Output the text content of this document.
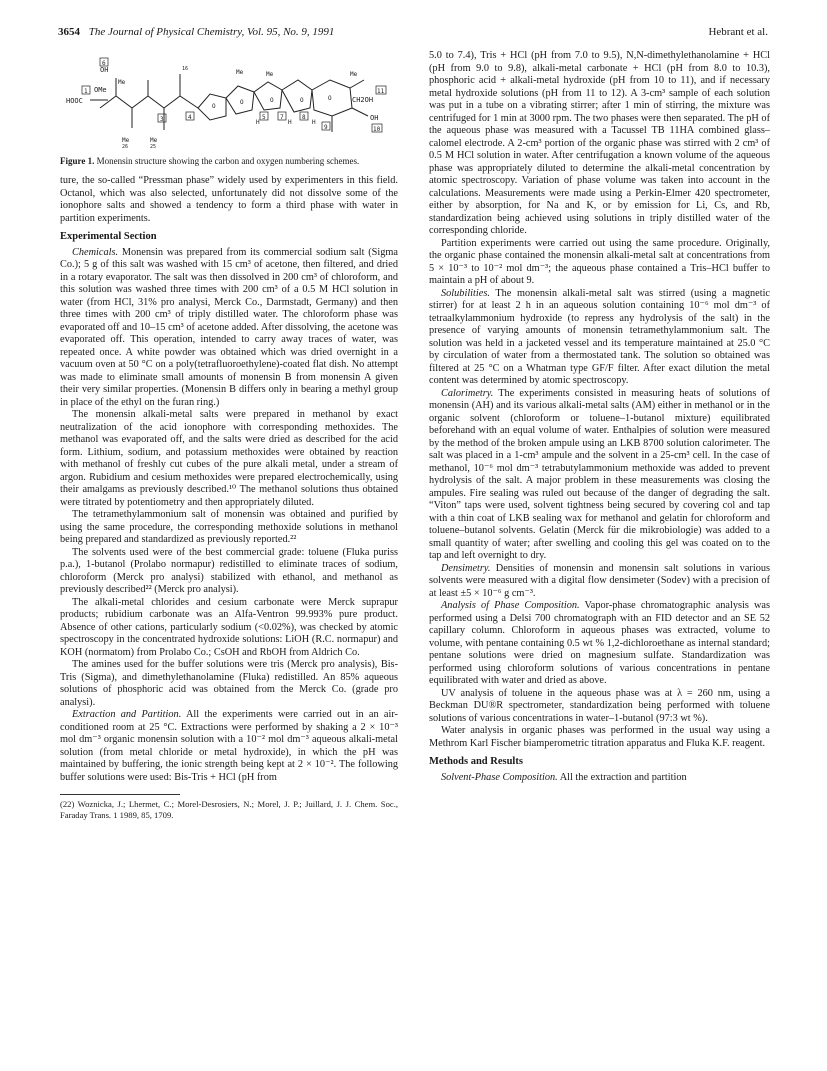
3654 The Journal of Physical Chemistry, Vol. 95, No. 9, 1991	Hebrant et al.
6
OH
HOOC
1 OMe
Me
Me	Me
3	4
O
Me
O
H
5
Me
O
7
H
O
8
H
9
O
Me
11
CH2OH
OH
10
26	25
16
Figure 1. Monensin structure showing the carbon and oxygen numbering schemes.

ture, the so-called “Pressman phase” widely used by experimenters in this field. Octanol, which was also selected, unfortunately did not dissolve some of the ionophore salts and showed a tendency to form a third phase with water in partition experiments.

Experimental Section

Chemicals. Monensin was prepared from its commercial sodium salt (Sigma Co.); 5 g of this salt was washed with 15 cm³ of acetone, then filtered, and dried in a rotary evaporator. The salt was then dissolved in 200 cm³ of chloroform, and this solution was washed three times with 200 cm³ of a 0.5 M HCl solution in water (from HCl, 31% pro analysi, Merck Co., Darmstadt, Germany) and then three times with 200 cm³ of triply distilled water. The chloroform phase was evaporated off and 10–15 cm³ of acetone added. After dissolving, the acetone was evaporated off. This operation, intended to carry away traces of water, was repeated once. A white powder was obtained which was dried overnight in a vacuum oven at 50 °C on a poly(tetrafluoroethylene)-coated flat dish. No attempt was made to eliminate small amounts of monensin B from monensin A given their very similar properties. (Monensin B differs only in bearing a methyl group in place of the ethyl on the furan ring.)

The monensin alkali-metal salts were prepared in methanol by exact neutralization of the acid ionophore with corresponding methoxides. The methanol was evaporated off, and the salts were dried as described for the acid form. Lithium, sodium, and potassium methoxides were obtained by reaction with methanol of freshly cut cubes of the pure alkali metal, under a stream of argon. Rubidium and cesium methoxides were prepared electrochemically, using their amalgams as previously described.¹⁰ The methanol solutions thus obtained were titrated by potentiometry and then appropriately diluted.

The tetramethylammonium salt of monensin was obtained and purified by using the same procedure, the corresponding methoxide solutions in methanol being prepared and standardized as previously reported.²²

The solvents used were of the best commercial grade: toluene (Fluka puriss p.a.), 1-butanol (Prolabo normapur) redistilled to eliminate traces of sodium, chloroform (Merck pro analysi) stabilized with ethanol, and methanol as previously described²² (Merck pro analysi).

The alkali-metal chlorides and cesium carbonate were Merck suprapur products; rubidium carbonate was an Alfa-Ventron 99.993% pure product. Absence of other cations, particularly sodium (<0.02%), was checked by atomic spectroscopy in the concentrated hydroxide solutions: LiOH (R.C. normapur) and KOH (normatom) from Prolabo Co.; CsOH and RbOH from Aldrich Co.

The amines used for the buffer solutions were tris (Merck pro analysis), Bis-Tris (Sigma), and dimethylethanolamine (Fluka) redistilled. An 85% aqueous solutions of phosphoric acid was obtained from the Merck Co. (grade pro analysi).

Extraction and Partition. All the experiments were carried out in an air-conditioned room at 25 °C. Extractions were performed by shaking a 2 × 10⁻³ mol dm⁻³ organic monensin solution with a 10⁻² mol dm⁻³ aqueous alkali-metal solution (from metal chloride or metal hydroxide), in which the pH was maintained by buffering, the ionic strength being kept at 2 × 10⁻². The following buffer solutions were used: Bis-Tris + HCl (pH from

(22) Woznicka, J.; Lhermet, C.; Morel-Desrosiers, N.; Morel, J. P.; Juillard, J. J. Chem. Soc., Faraday Trans. 1 1989, 85, 1709.

5.0 to 7.4), Tris + HCl (pH from 7.0 to 9.5), N,N-dimethylethanolamine + HCl (pH from 9.0 to 9.8), alkali-metal carbonate + HCl (pH from 8.0 to 10.3), phosphoric acid + alkali-metal hydroxide (pH from 10 to 11), and if necessary metal hydroxide solutions (pH from 11 to 12). A 3-cm³ sample of each solution was put in a tube on a vibrating stirrer; after 1 min of stirring, the mixture was centrifuged for 1 min at 3000 rpm. The two phases were then separated. The pH of the aqueous phase was measured with a Tacussel TB 11HA combined glass–calomel electrode. A 2-cm³ portion of the organic phase was stirred with 2 cm³ of 0.5 M HCl solution in water. After centrifugation a known volume of the aqueous phase was appropriately diluted to determine the alkali-metal concentration by atomic spectroscopy. Variation of phase volume was taken into account in the calculations. Measurements were made using a Perkin-Elmer 420 spectrometer, either by absorption, for Na and K, or by emission for Li, Cs, and Rb, standardization being achieved using solutions in triply distilled water of the corresponding chloride.

Partition experiments were carried out using the same procedure. Originally, the organic phase contained the monensin alkali-metal salt at concentrations from 5 × 10⁻³ to 10⁻² mol dm⁻³; the aqueous phase contained a Tris–HCl buffer to maintain a pH of about 9.

Solubilities. The monensin alkali-metal salt was stirred (using a magnetic stirrer) for at least 2 h in an aqueous solution containing 10⁻⁶ mol dm⁻³ of tetraalkylammonium hydroxide (to repress any hydrolysis of the salt) in the presence of varying amounts of monensin tetramethylammonium salt. The solution was held in a jacketed vessel and its temperature maintained at 25.0 °C by circulation of water from a thermostated tank. The solution so obtained was filtered at 25 °C on a Whatman type GF/F filter. After exact dilution the metal content was determined by atomic spectroscopy.

Calorimetry. The experiments consisted in measuring heats of solutions of monensin (AH) and its various alkali-metal salts (AM) either in methanol or in the organic solvent (chloroform or toluene–1-butanol mixture) equilibrated beforehand with an equal volume of water. Enthalpies of solution were measured by the method of the broken ampule using an LKB 8700 solution calorimeter. The salt was placed in a 1-cm³ ampule and the solvent in a 25-cm³ cell. In the case of methanol, 10⁻⁶ mol dm⁻³ tetrabutylammonium methoxide was added to prevent hydrolysis of the salt. A major problem in these measurements was closing the ampules. Fire sealing was ruled out because of the danger of degrading the salt. “Viton” taps were used, solvent tightness being secured by covering col and tap with a thin coat of LKB sealing wax for methanol and gelatin for chloroform and toluene–butanol solvents. Gelatin (Merck für die mikrobiologie) was added to a small quantity of water; after swelling and cooling this gel was coated on to the tap and left overnight to dry.

Densimetry. Densities of monensin and monensin salt solutions in various solvents were measured with a digital flow densimeter (Sodev) with a precision of at least ±5 × 10⁻⁶ g cm⁻³.

Analysis of Phase Composition. Vapor-phase chromatographic analysis was performed using a Delsi 700 chromatograph with an FID detector and an SE 52 capillary column. Chloroform in aqueous phases was extracted, volume to volume, with pentane containing 0.5 wt % 1,2-dichloroethane as internal standard; pentane solutions were dried on magnesium sulfate. Standardization was performed using chloroform solutions of various concentrations in pentane equilibrated with water and dried as above.

UV analysis of toluene in the aqueous phase was at λ = 260 nm, using a Beckman DU®R spectrometer, standardization being performed with toluene solutions of various concentrations in water–1-butanol (97:3 wt %).

Water analysis in organic phases was performed in the usual way using a Methrom Karl Fischer biamperometric titration apparatus and Fluka K.F. reagent.

Methods and Results

Solvent-Phase Composition. All the extraction and partition
